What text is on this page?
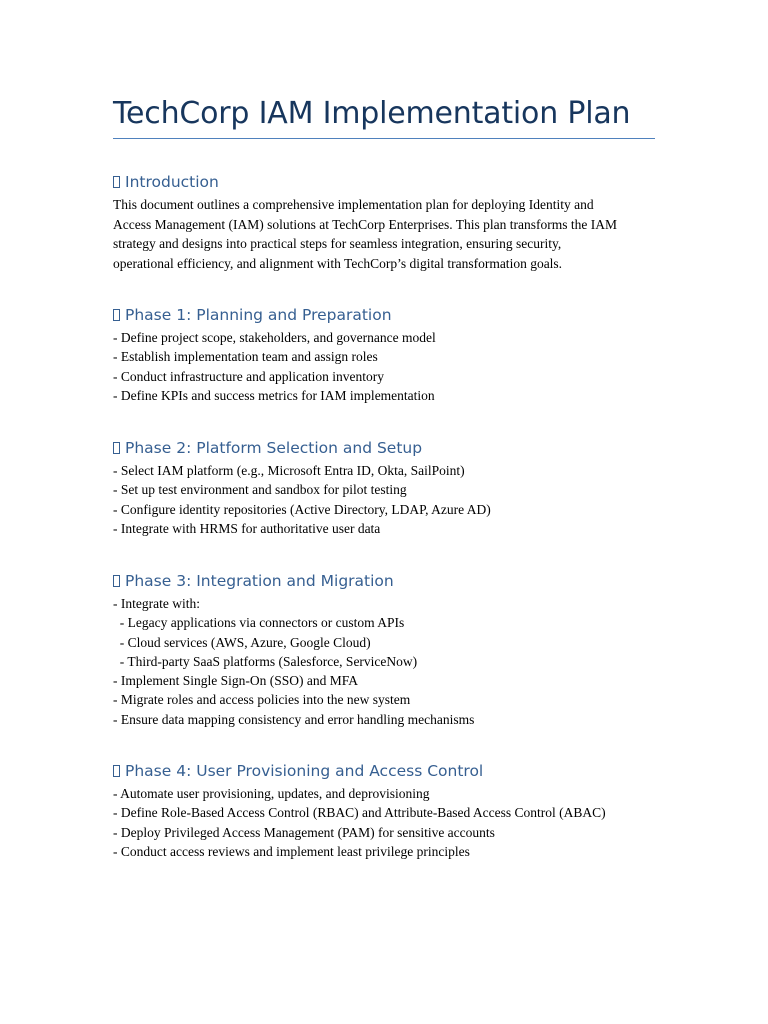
TechCorp IAM Implementation Plan
Introduction
This document outlines a comprehensive implementation plan for deploying Identity and
Access Management (IAM) solutions at TechCorp Enterprises. This plan transforms the IAM
strategy and designs into practical steps for seamless integration, ensuring security,
operational efficiency, and alignment with TechCorp’s digital transformation goals.
Phase 1: Planning and Preparation

- Define project scope, stakeholders, and governance model

- Establish implementation team and assign roles

- Conduct infrastructure and application inventory

- Define KPIs and success metrics for IAM implementation

Phase 2: Platform Selection and Setup

- Select IAM platform (e.g., Microsoft Entra ID, Okta, SailPoint)

- Set up test environment and sandbox for pilot testing

- Configure identity repositories (Active Directory, LDAP, Azure AD)

- Integrate with HRMS for authoritative user data

Phase 3: Integration and Migration

- Integrate with:

- Legacy applications via connectors or custom APIs

- Cloud services (AWS, Azure, Google Cloud)

- Third-party SaaS platforms (Salesforce, ServiceNow)

- Implement Single Sign-On (SSO) and MFA

- Migrate roles and access policies into the new system

- Ensure data mapping consistency and error handling mechanisms

Phase 4: User Provisioning and Access Control

- Automate user provisioning, updates, and deprovisioning

- Define Role-Based Access Control (RBAC) and Attribute-Based Access Control (ABAC)

- Deploy Privileged Access Management (PAM) for sensitive accounts

- Conduct access reviews and implement least privilege principles
